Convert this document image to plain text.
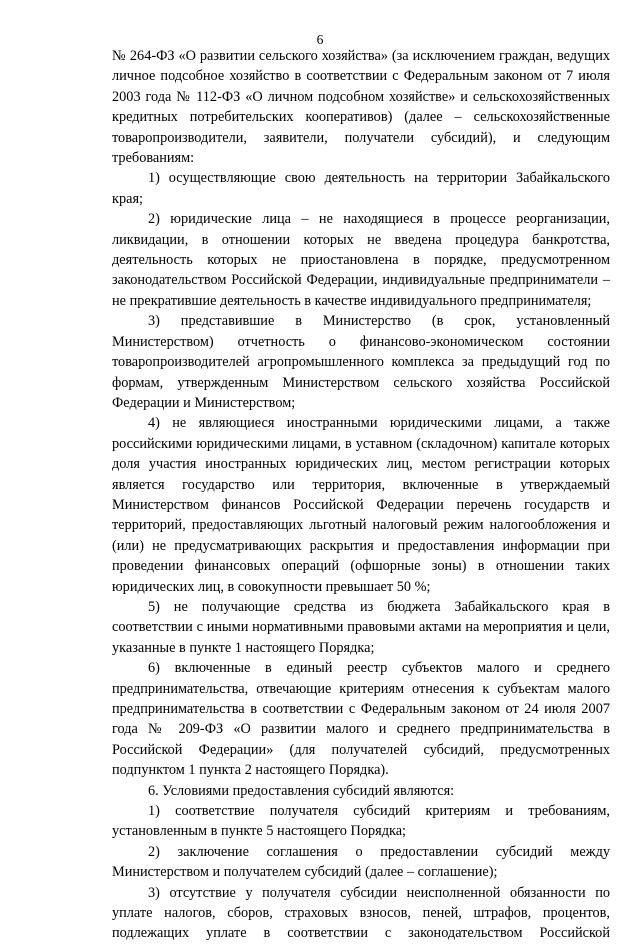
6

№ 264-ФЗ «О развитии сельского хозяйства» (за исключением граждан, ведущих личное подсобное хозяйство в соответствии с Федеральным законом от 7 июля 2003 года № 112-ФЗ «О личном подсобном хозяйстве» и сельскохозяйственных кредитных потребительских кооперативов) (далее – сельскохозяйственные товаропроизводители, заявители, получатели субсидий), и следующим требованиям:

1) осуществляющие свою деятельность на территории Забайкальского края;

2) юридические лица – не находящиеся в процессе реорганизации, ликвидации, в отношении которых не введена процедура банкротства, деятельность которых не приостановлена в порядке, предусмотренном законодательством Российской Федерации, индивидуальные предприниматели – не прекратившие деятельность в качестве индивидуального предпринимателя;

3) представившие в Министерство (в срок, установленный Министерством) отчетность о финансово-экономическом состоянии товаропроизводителей агропромышленного комплекса за предыдущий год по формам, утвержденным Министерством сельского хозяйства Российской Федерации и Министерством;

4) не являющиеся иностранными юридическими лицами, а также российскими юридическими лицами, в уставном (складочном) капитале которых доля участия иностранных юридических лиц, местом регистрации которых является государство или территория, включенные в утверждаемый Министерством финансов Российской Федерации перечень государств и территорий, предоставляющих льготный налоговый режим налогообложения и (или) не предусматривающих раскрытия и предоставления информации при проведении финансовых операций (офшорные зоны) в отношении таких юридических лиц, в совокупности превышает 50 %;

5) не получающие средства из бюджета Забайкальского края в соответствии с иными нормативными правовыми актами на мероприятия и цели, указанные в пункте 1 настоящего Порядка;

6) включенные в единый реестр субъектов малого и среднего предпринимательства, отвечающие критериям отнесения к субъектам малого предпринимательства в соответствии с Федеральным законом от 24 июля 2007 года № 209-ФЗ «О развитии малого и среднего предпринимательства в Российской Федерации» (для получателей субсидий, предусмотренных подпунктом 1 пункта 2 настоящего Порядка).

6. Условиями предоставления субсидий являются:

1) соответствие получателя субсидий критериям и требованиям, установленным в пункте 5 настоящего Порядка;

2) заключение соглашения о предоставлении субсидий между Министерством и получателем субсидий (далее – соглашение);

3) отсутствие у получателя субсидии неисполненной обязанности по уплате налогов, сборов, страховых взносов, пеней, штрафов, процентов, подлежащих уплате в соответствии с законодательством Российской
